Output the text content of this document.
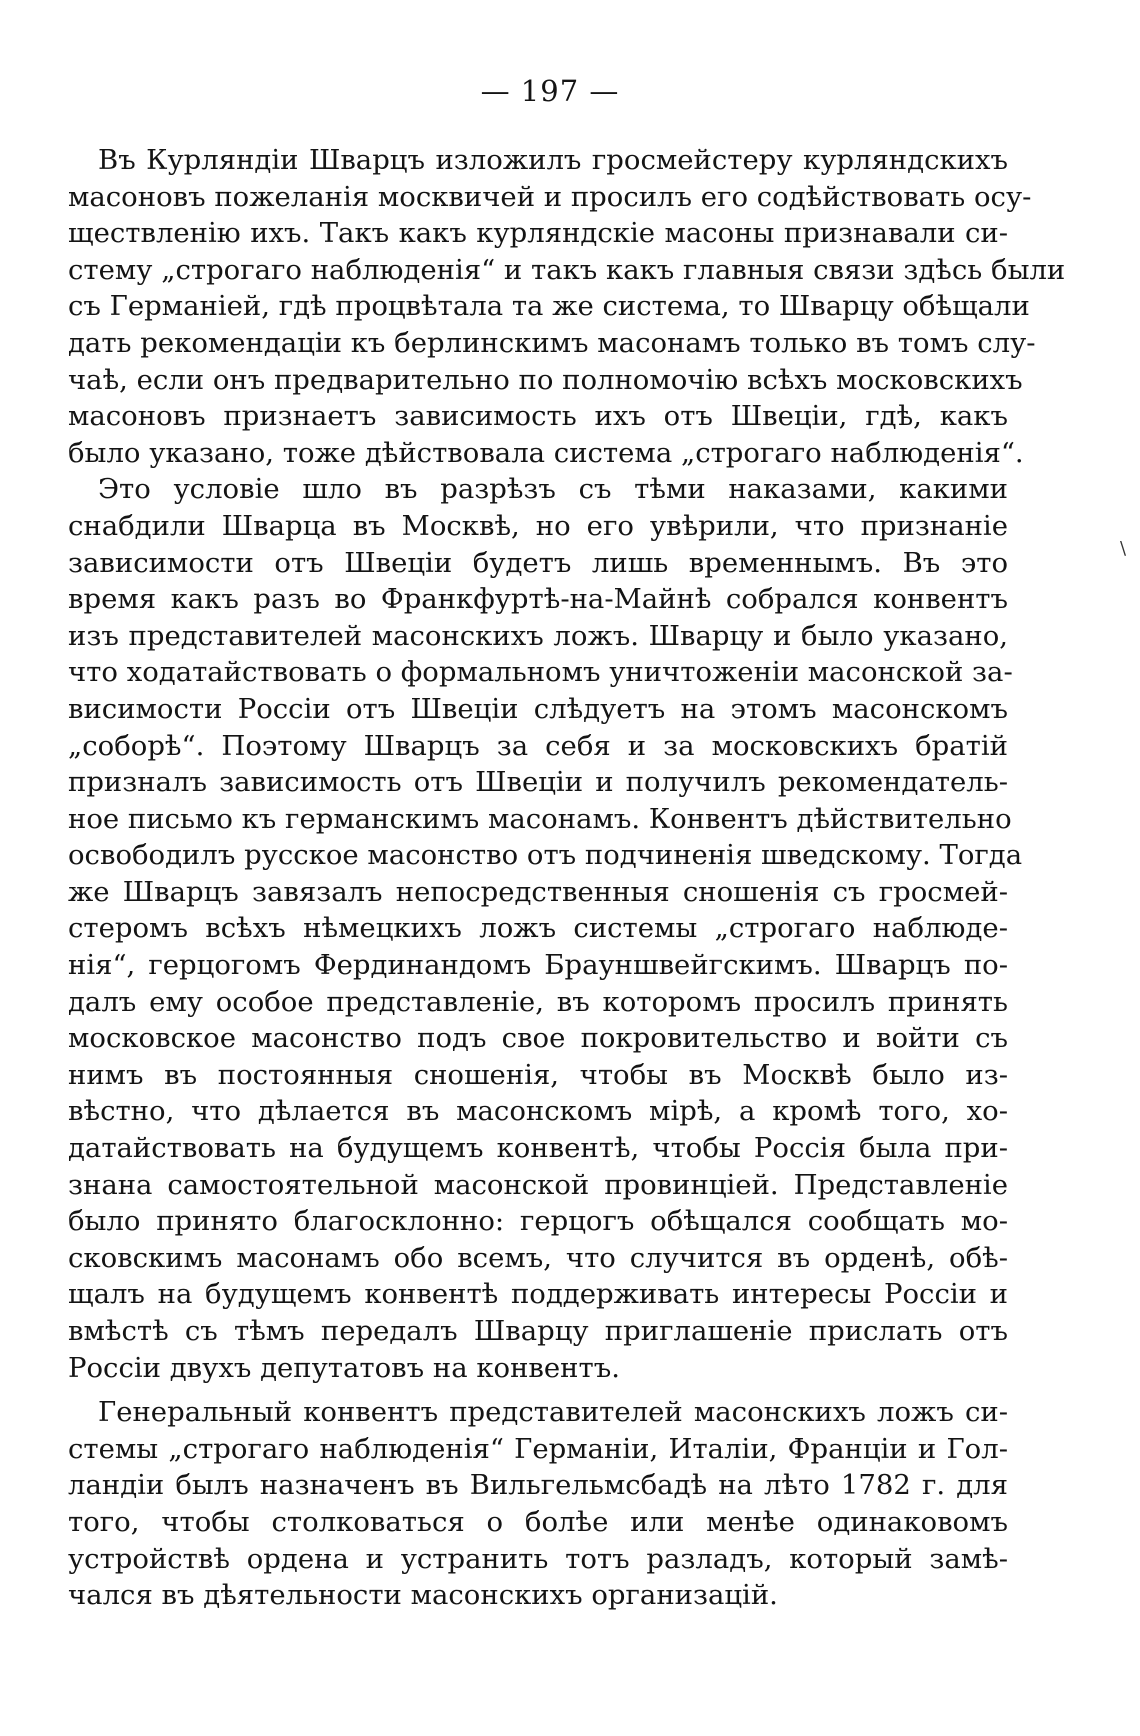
— 197 —
Въ Курляндіи Шварцъ изложилъ гросмейстеру курляндскихъ
масоновъ пожеланія москвичей и просилъ его содѣйствовать осу-
ществленію ихъ. Такъ какъ курляндскіе масоны признавали си-
стему „строгаго наблюденія“ и такъ какъ главныя связи здѣсь были
съ Германіей, гдѣ процвѣтала та же система, то Шварцу обѣщали
дать рекомендаціи къ берлинскимъ масонамъ только въ томъ слу-
чаѣ, если онъ предварительно по полномочію всѣхъ московскихъ
масоновъ признаетъ зависимость ихъ отъ Швеціи, гдѣ, какъ
было указано, тоже дѣйствовала система „строгаго наблюденія“.
Это условіе шло въ разрѣзъ съ тѣми наказами, какими
снабдили Шварца въ Москвѣ, но его увѣрили, что признаніе
зависимости отъ Швеціи будетъ лишь временнымъ. Въ это
время какъ разъ во Франкфуртѣ-на-Майнѣ собрался конвентъ
изъ представителей масонскихъ ложъ. Шварцу и было указано,
что ходатайствовать о формальномъ уничтоженіи масонской за-
висимости Россіи отъ Швеціи слѣдуетъ на этомъ масонскомъ
„соборѣ“. Поэтому Шварцъ за себя и за московскихъ братій
призналъ зависимость отъ Швеціи и получилъ рекомендатель-
ное письмо къ германскимъ масонамъ. Конвентъ дѣйствительно
освободилъ русское масонство отъ подчиненія шведскому. Тогда
же Шварцъ завязалъ непосредственныя сношенія съ гросмей-
стеромъ всѣхъ нѣмецкихъ ложъ системы „строгаго наблюде-
нія“, герцогомъ Фердинандомъ Брауншвейгскимъ. Шварцъ по-
далъ ему особое представленіе, въ которомъ просилъ принять
московское масонство подъ свое покровительство и войти съ
нимъ въ постоянныя сношенія, чтобы въ Москвѣ было из-
вѣстно, что дѣлается въ масонскомъ мірѣ, а кромѣ того, хо-
датайствовать на будущемъ конвентѣ, чтобы Россія была при-
знана самостоятельной масонской провинціей. Представленіе
было принято благосклонно: герцогъ обѣщался сообщать мо-
сковскимъ масонамъ обо всемъ, что случится въ орденѣ, обѣ-
щалъ на будущемъ конвентѣ поддерживать интересы Россіи и
вмѣстѣ съ тѣмъ передалъ Шварцу приглашеніе прислать отъ
Россіи двухъ депутатовъ на конвентъ.
Генеральный конвентъ представителей масонскихъ ложъ си-
стемы „строгаго наблюденія“ Германіи, Италіи, Франціи и Гол-
ландіи былъ назначенъ въ Вильгельмсбадѣ на лѣто 1782 г. для
того, чтобы столковаться о болѣе или менѣе одинаковомъ
устройствѣ ордена и устранить тотъ разладъ, который замѣ-
чался въ дѣятельности масонскихъ организацій.
\
